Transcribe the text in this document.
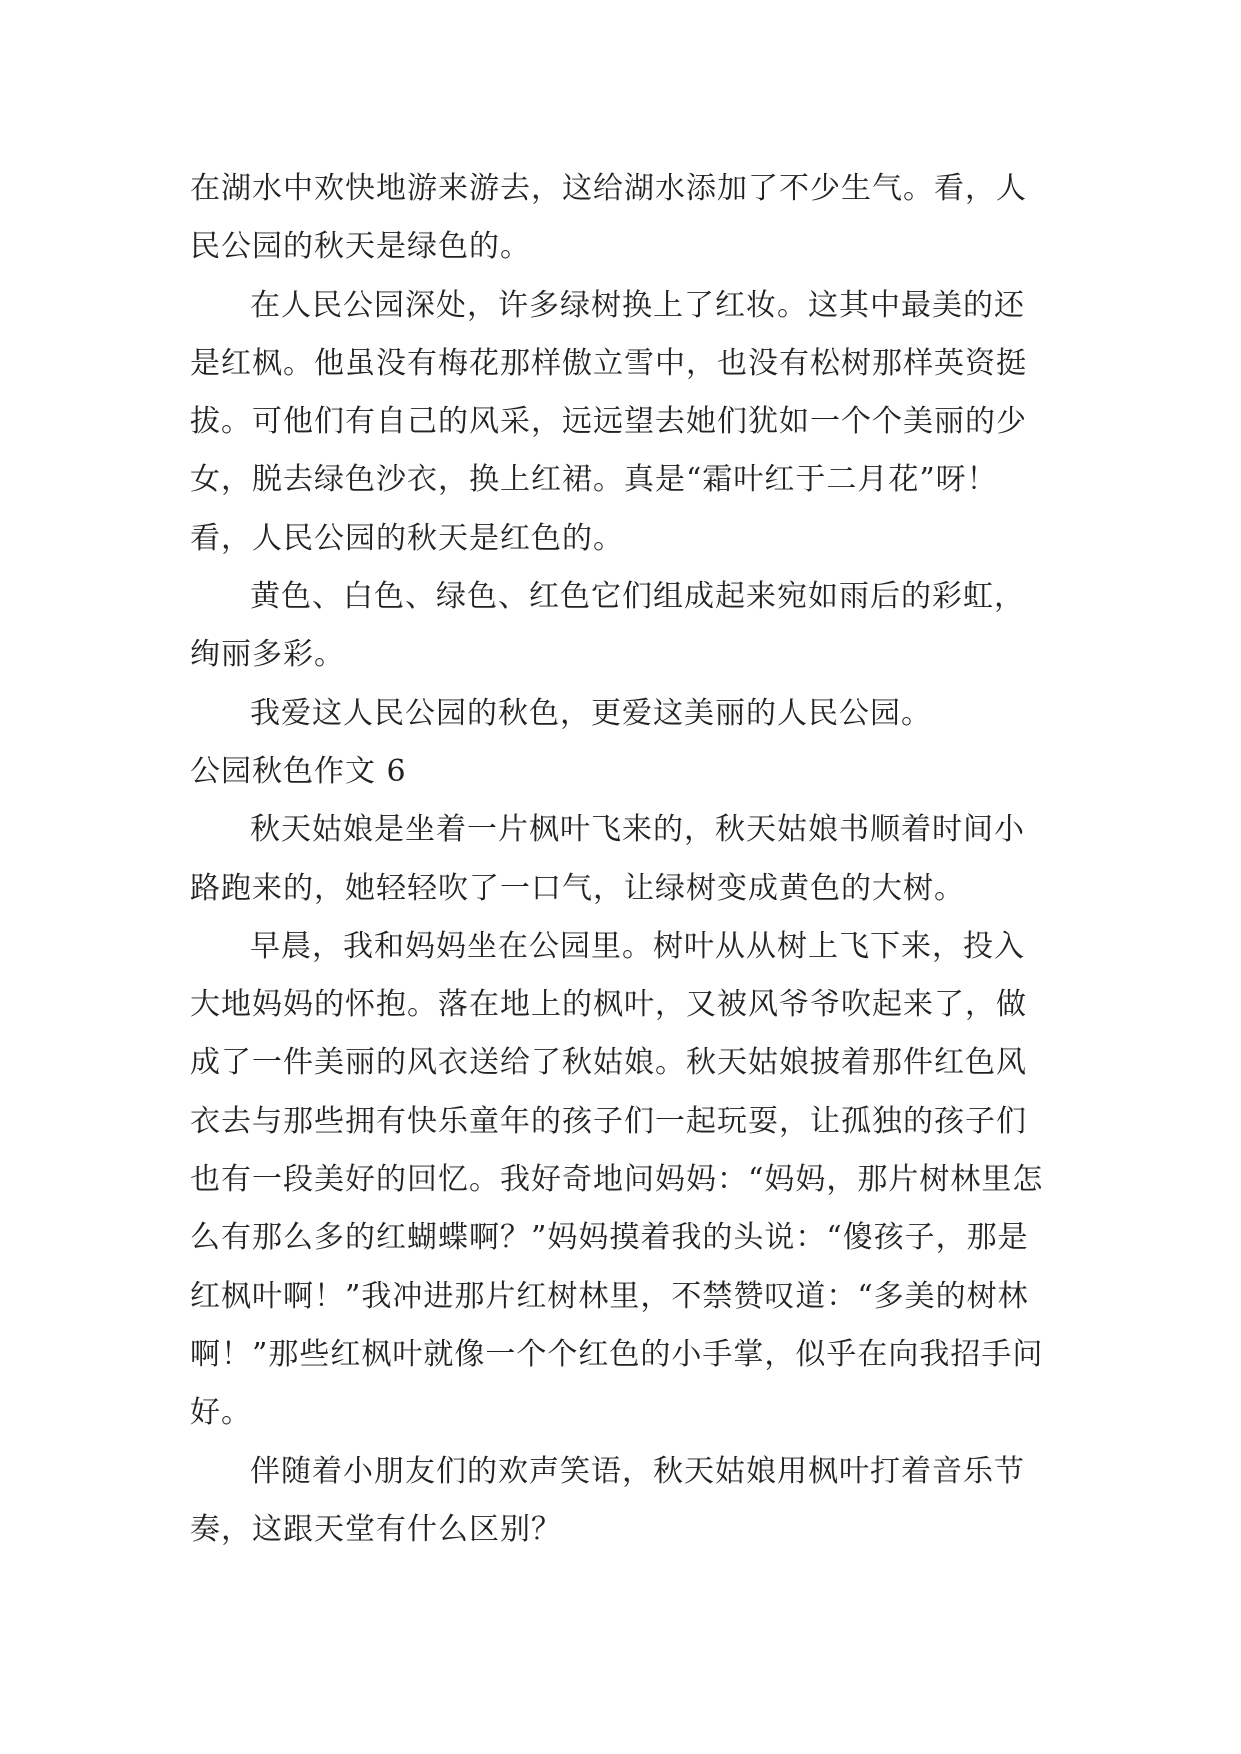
在湖水中欢快地游来游去，这给湖水添加了不少生气。看，人民公园的秋天是绿色的。

在人民公园深处，许多绿树换上了红妆。这其中最美的还是红枫。他虽没有梅花那样傲立雪中，也没有松树那样英资挺拔。可他们有自己的风采，远远望去她们犹如一个个美丽的少女，脱去绿色沙衣，换上红裙。真是“霜叶红于二月花”呀！看，人民公园的秋天是红色的。

黄色、白色、绿色、红色它们组成起来宛如雨后的彩虹，绚丽多彩。

我爱这人民公园的秋色，更爱这美丽的人民公园。

公园秋色作文 6

秋天姑娘是坐着一片枫叶飞来的，秋天姑娘书顺着时间小路跑来的，她轻轻吹了一口气，让绿树变成黄色的大树。

早晨，我和妈妈坐在公园里。树叶从从树上飞下来，投入大地妈妈的怀抱。落在地上的枫叶，又被风爷爷吹起来了，做成了一件美丽的风衣送给了秋姑娘。秋天姑娘披着那件红色风衣去与那些拥有快乐童年的孩子们一起玩耍，让孤独的孩子们也有一段美好的回忆。我好奇地问妈妈：“妈妈，那片树林里怎么有那么多的红蝴蝶啊？”妈妈摸着我的头说：“傻孩子，那是红枫叶啊！”我冲进那片红树林里，不禁赞叹道：“多美的树林啊！”那些红枫叶就像一个个红色的小手掌，似乎在向我招手问好。

伴随着小朋友们的欢声笑语，秋天姑娘用枫叶打着音乐节奏，这跟天堂有什么区别？
